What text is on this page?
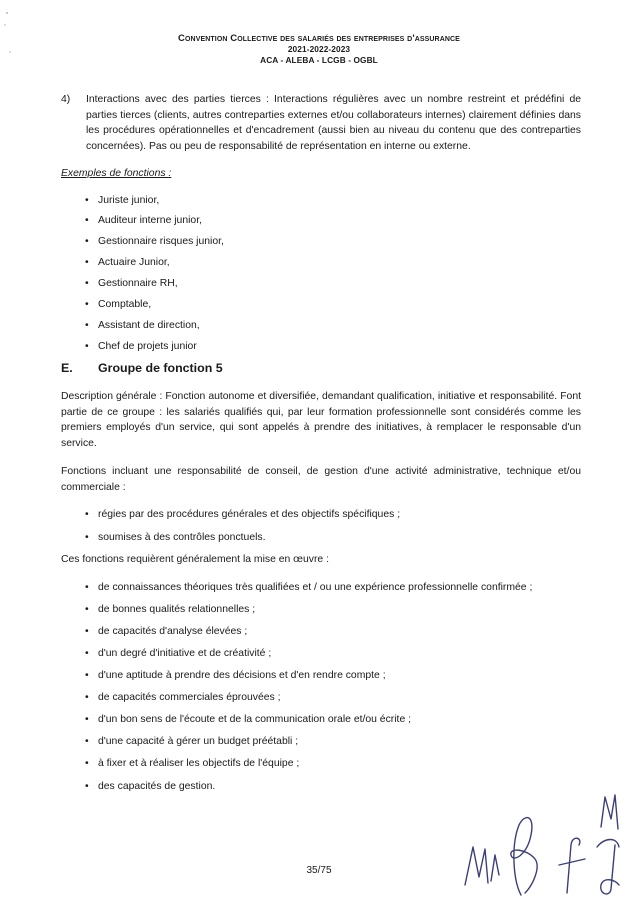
Convention Collective des salariés des entreprises d'assurance
2021-2022-2023
ACA - ALEBA - LCGB - OGBL
4)	Interactions avec des parties tierces : Interactions régulières avec un nombre restreint et prédéfini de parties tierces (clients, autres contreparties externes et/ou collaborateurs internes) clairement définies dans les procédures opérationnelles et d'encadrement (aussi bien au niveau du contenu que des contreparties concernées). Pas ou peu de responsabilité de représentation en interne ou externe.
Exemples de fonctions :
• Juriste junior,
• Auditeur interne junior,
• Gestionnaire risques junior,
• Actuaire Junior,
• Gestionnaire RH,
• Comptable,
• Assistant de direction,
• Chef de projets junior
E.	Groupe de fonction 5

Description générale : Fonction autonome et diversifiée, demandant qualification, initiative et responsabilité. Font partie de ce groupe : les salariés qualifiés qui, par leur formation professionnelle sont considérés comme les premiers employés d'un service, qui sont appelés à prendre des initiatives, à remplacer le responsable d'un service.

Fonctions incluant une responsabilité de conseil, de gestion d'une activité administrative, technique et/ou commerciale :

• régies par des procédures générales et des objectifs spécifiques ;
• soumises à des contrôles ponctuels.

Ces fonctions requièrent généralement la mise en œuvre :

• de connaissances théoriques très qualifiées et / ou une expérience professionnelle confirmée ;
• de bonnes qualités relationnelles ;
• de capacités d'analyse élevées ;
• d'un degré d'initiative et de créativité ;
• d'une aptitude à prendre des décisions et d'en rendre compte ;
• de capacités commerciales éprouvées ;
• d'un bon sens de l'écoute et de la communication orale et/ou écrite ;
• d'une capacité à gérer un budget préétabli ;
• à fixer et à réaliser les objectifs de l'équipe ;
• des capacités de gestion.
35/75
